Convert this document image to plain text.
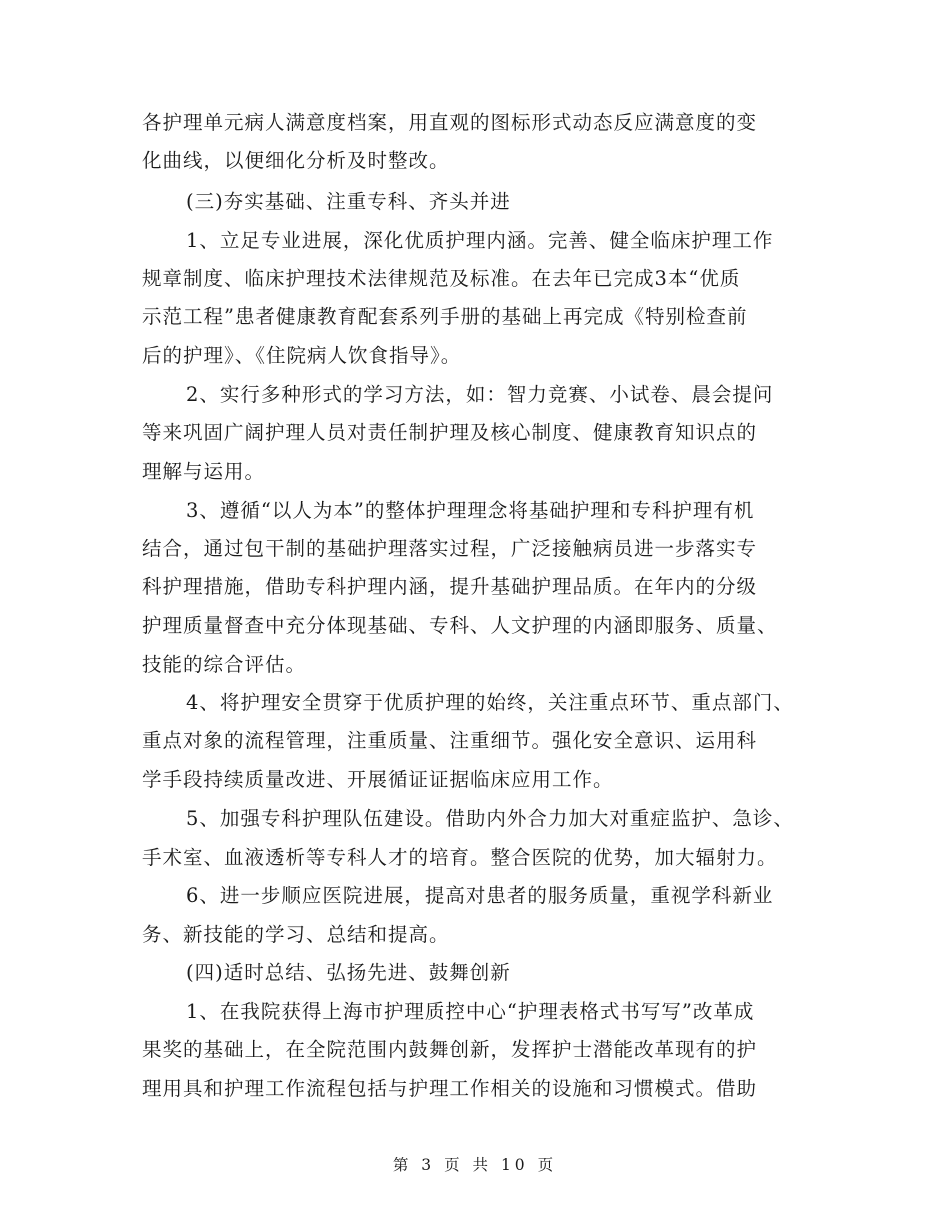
各护理单元病人满意度档案，用直观的图标形式动态反应满意度的变
化曲线，以便细化分析及时整改。
(三)夯实基础、注重专科、齐头并进
1、立足专业进展，深化优质护理内涵。完善、健全临床护理工作
规章制度、临床护理技术法律规范及标准。在去年已完成3本“优质
示范工程”患者健康教育配套系列手册的基础上再完成《特别检查前
后的护理》、《住院病人饮食指导》。
2、实行多种形式的学习方法，如：智力竞赛、小试卷、晨会提问
等来巩固广阔护理人员对责任制护理及核心制度、健康教育知识点的
理解与运用。
3、遵循“以人为本”的整体护理理念将基础护理和专科护理有机
结合，通过包干制的基础护理落实过程，广泛接触病员进一步落实专
科护理措施，借助专科护理内涵，提升基础护理品质。在年内的分级
护理质量督查中充分体现基础、专科、人文护理的内涵即服务、质量、
技能的综合评估。
4、将护理安全贯穿于优质护理的始终，关注重点环节、重点部门、
重点对象的流程管理，注重质量、注重细节。强化安全意识、运用科
学手段持续质量改进、开展循证证据临床应用工作。
5、加强专科护理队伍建设。借助内外合力加大对重症监护、急诊、
手术室、血液透析等专科人才的培育。整合医院的优势，加大辐射力。
6、进一步顺应医院进展，提高对患者的服务质量，重视学科新业
务、新技能的学习、总结和提高。
(四)适时总结、弘扬先进、鼓舞创新
1、在我院获得上海市护理质控中心“护理表格式书写写”改革成
果奖的基础上，在全院范围内鼓舞创新，发挥护士潜能改革现有的护
理用具和护理工作流程包括与护理工作相关的设施和习惯模式。借助
第 3 页 共 10 页
